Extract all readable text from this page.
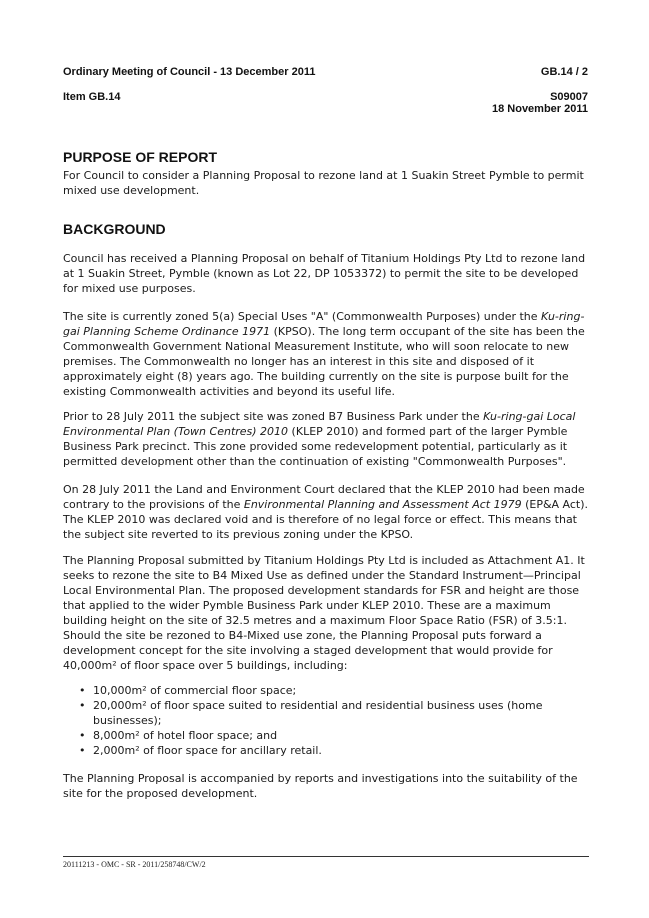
Ordinary Meeting of Council - 13 December 2011	GB.14 / 2
Item GB.14	S09007
18 November 2011
PURPOSE OF REPORT

For Council to consider a Planning Proposal to rezone land at 1 Suakin Street Pymble to permit mixed use development.

BACKGROUND

Council has received a Planning Proposal on behalf of Titanium Holdings Pty Ltd to rezone land at 1 Suakin Street, Pymble (known as Lot 22, DP 1053372) to permit the site to be developed for mixed use purposes.

The site is currently zoned 5(a) Special Uses "A" (Commonwealth Purposes) under the Ku-ring-gai Planning Scheme Ordinance 1971 (KPSO). The long term occupant of the site has been the Commonwealth Government National Measurement Institute, who will soon relocate to new premises. The Commonwealth no longer has an interest in this site and disposed of it approximately eight (8) years ago. The building currently on the site is purpose built for the existing Commonwealth activities and beyond its useful life.

Prior to 28 July 2011 the subject site was zoned B7 Business Park under the Ku-ring-gai Local Environmental Plan (Town Centres) 2010 (KLEP 2010) and formed part of the larger Pymble Business Park precinct. This zone provided some redevelopment potential, particularly as it permitted development other than the continuation of existing "Commonwealth Purposes".

On 28 July 2011 the Land and Environment Court declared that the KLEP 2010 had been made contrary to the provisions of the Environmental Planning and Assessment Act 1979 (EP&A Act). The KLEP 2010 was declared void and is therefore of no legal force or effect. This means that the subject site reverted to its previous zoning under the KPSO.

The Planning Proposal submitted by Titanium Holdings Pty Ltd is included as Attachment A1. It seeks to rezone the site to B4 Mixed Use as defined under the Standard Instrument—Principal Local Environmental Plan. The proposed development standards for FSR and height are those that applied to the wider Pymble Business Park under KLEP 2010. These are a maximum building height on the site of 32.5 metres and a maximum Floor Space Ratio (FSR) of 3.5:1. Should the site be rezoned to B4-Mixed use zone, the Planning Proposal puts forward a development concept for the site involving a staged development that would provide for 40,000m² of floor space over 5 buildings, including:

• 10,000m² of commercial floor space;
• 20,000m² of floor space suited to residential and residential business uses (home businesses);
• 8,000m² of hotel floor space; and
• 2,000m² of floor space for ancillary retail.

The Planning Proposal is accompanied by reports and investigations into the suitability of the site for the proposed development.

20111213 - OMC - SR - 2011/258748/CW/2
